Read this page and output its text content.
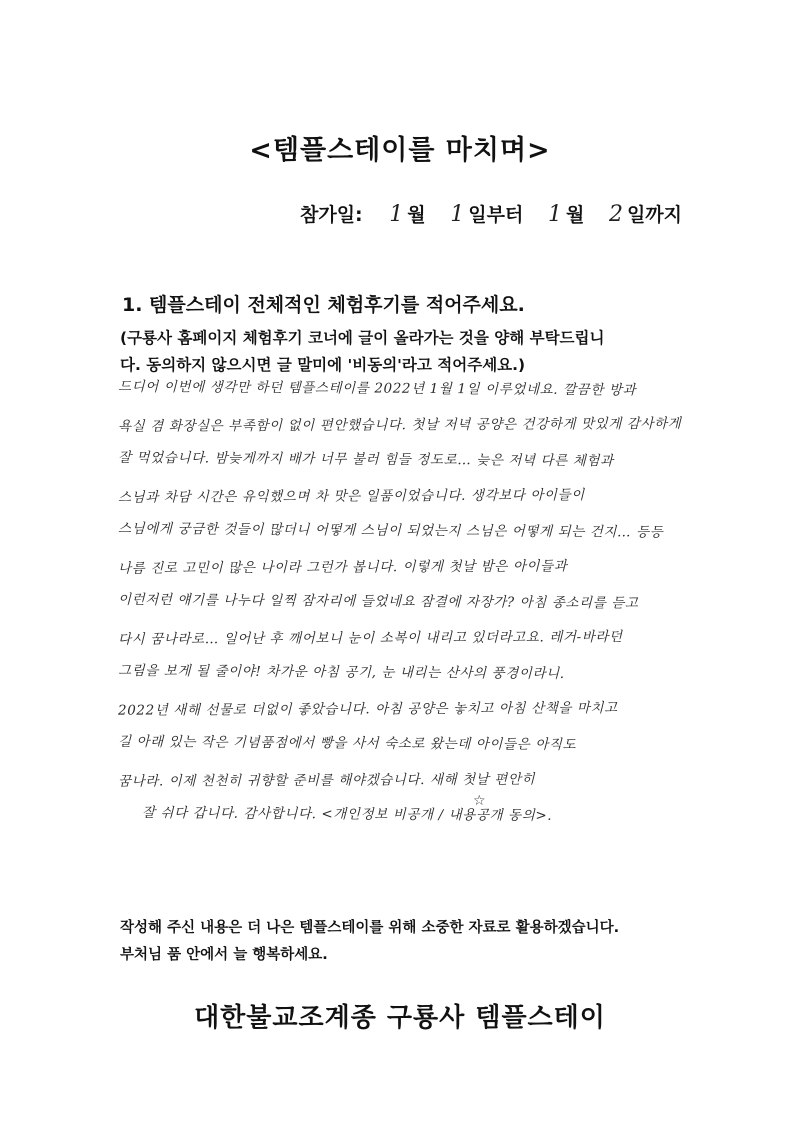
<템플스테이를 마치며>
참가일: 1 월 1 일부터 1 월 2 일까지
1. 템플스테이 전체적인 체험후기를 적어주세요.
(구룡사 홈페이지 체험후기 코너에 글이 올라가는 것을 양해 부탁드립니
다. 동의하지 않으시면 글 말미에 '비동의'라고 적어주세요.)
드디어 이번에 생각만 하던 템플스테이를 2022년 1월 1일 이루었네요. 깔끔한 방과
욕실 겸 화장실은 부족함이 없이 편안했습니다. 첫날 저녁 공양은 건강하게 맛있게 감사하게
잘 먹었습니다. 밤늦게까지 배가 너무 불러 힘들 정도로… 늦은 저녁 다른 체험과
스님과 차담 시간은 유익했으며 차 맛은 일품이었습니다. 생각보다 아이들이
스님에게 궁금한 것들이 많더니 어떻게 스님이 되었는지 스님은 어떻게 되는 건지… 등등
나름 진로 고민이 많은 나이라 그런가 봅니다. 이렇게 첫날 밤은 아이들과
이런저런 얘기를 나누다 일찍 잠자리에 들었네요 잠결에 자장가? 아침 종소리를 듣고
다시 꿈나라로… 일어난 후 깨어보니 눈이 소복이 내리고 있더라고요. 레거-바라던
그림을 보게 될 줄이야! 차가운 아침 공기, 눈 내리는 산사의 풍경이라니.
2022년 새해 선물로 더없이 좋았습니다. 아침 공양은 놓치고 아침 산책을 마치고
길 아래 있는 작은 기념품점에서 빵을 사서 숙소로 왔는데 아이들은 아직도
꿈나라. 이제 천천히 귀향할 준비를 해야겠습니다. 새해 첫날 편안히
잘 쉬다 갑니다. 감사합니다. <개인정보 비공개 / 내용공개 동의>.
☆
작성해 주신 내용은 더 나은 템플스테이를 위해 소중한 자료로 활용하겠습니다.
부처님 품 안에서 늘 행복하세요.
대한불교조계종 구룡사 템플스테이
